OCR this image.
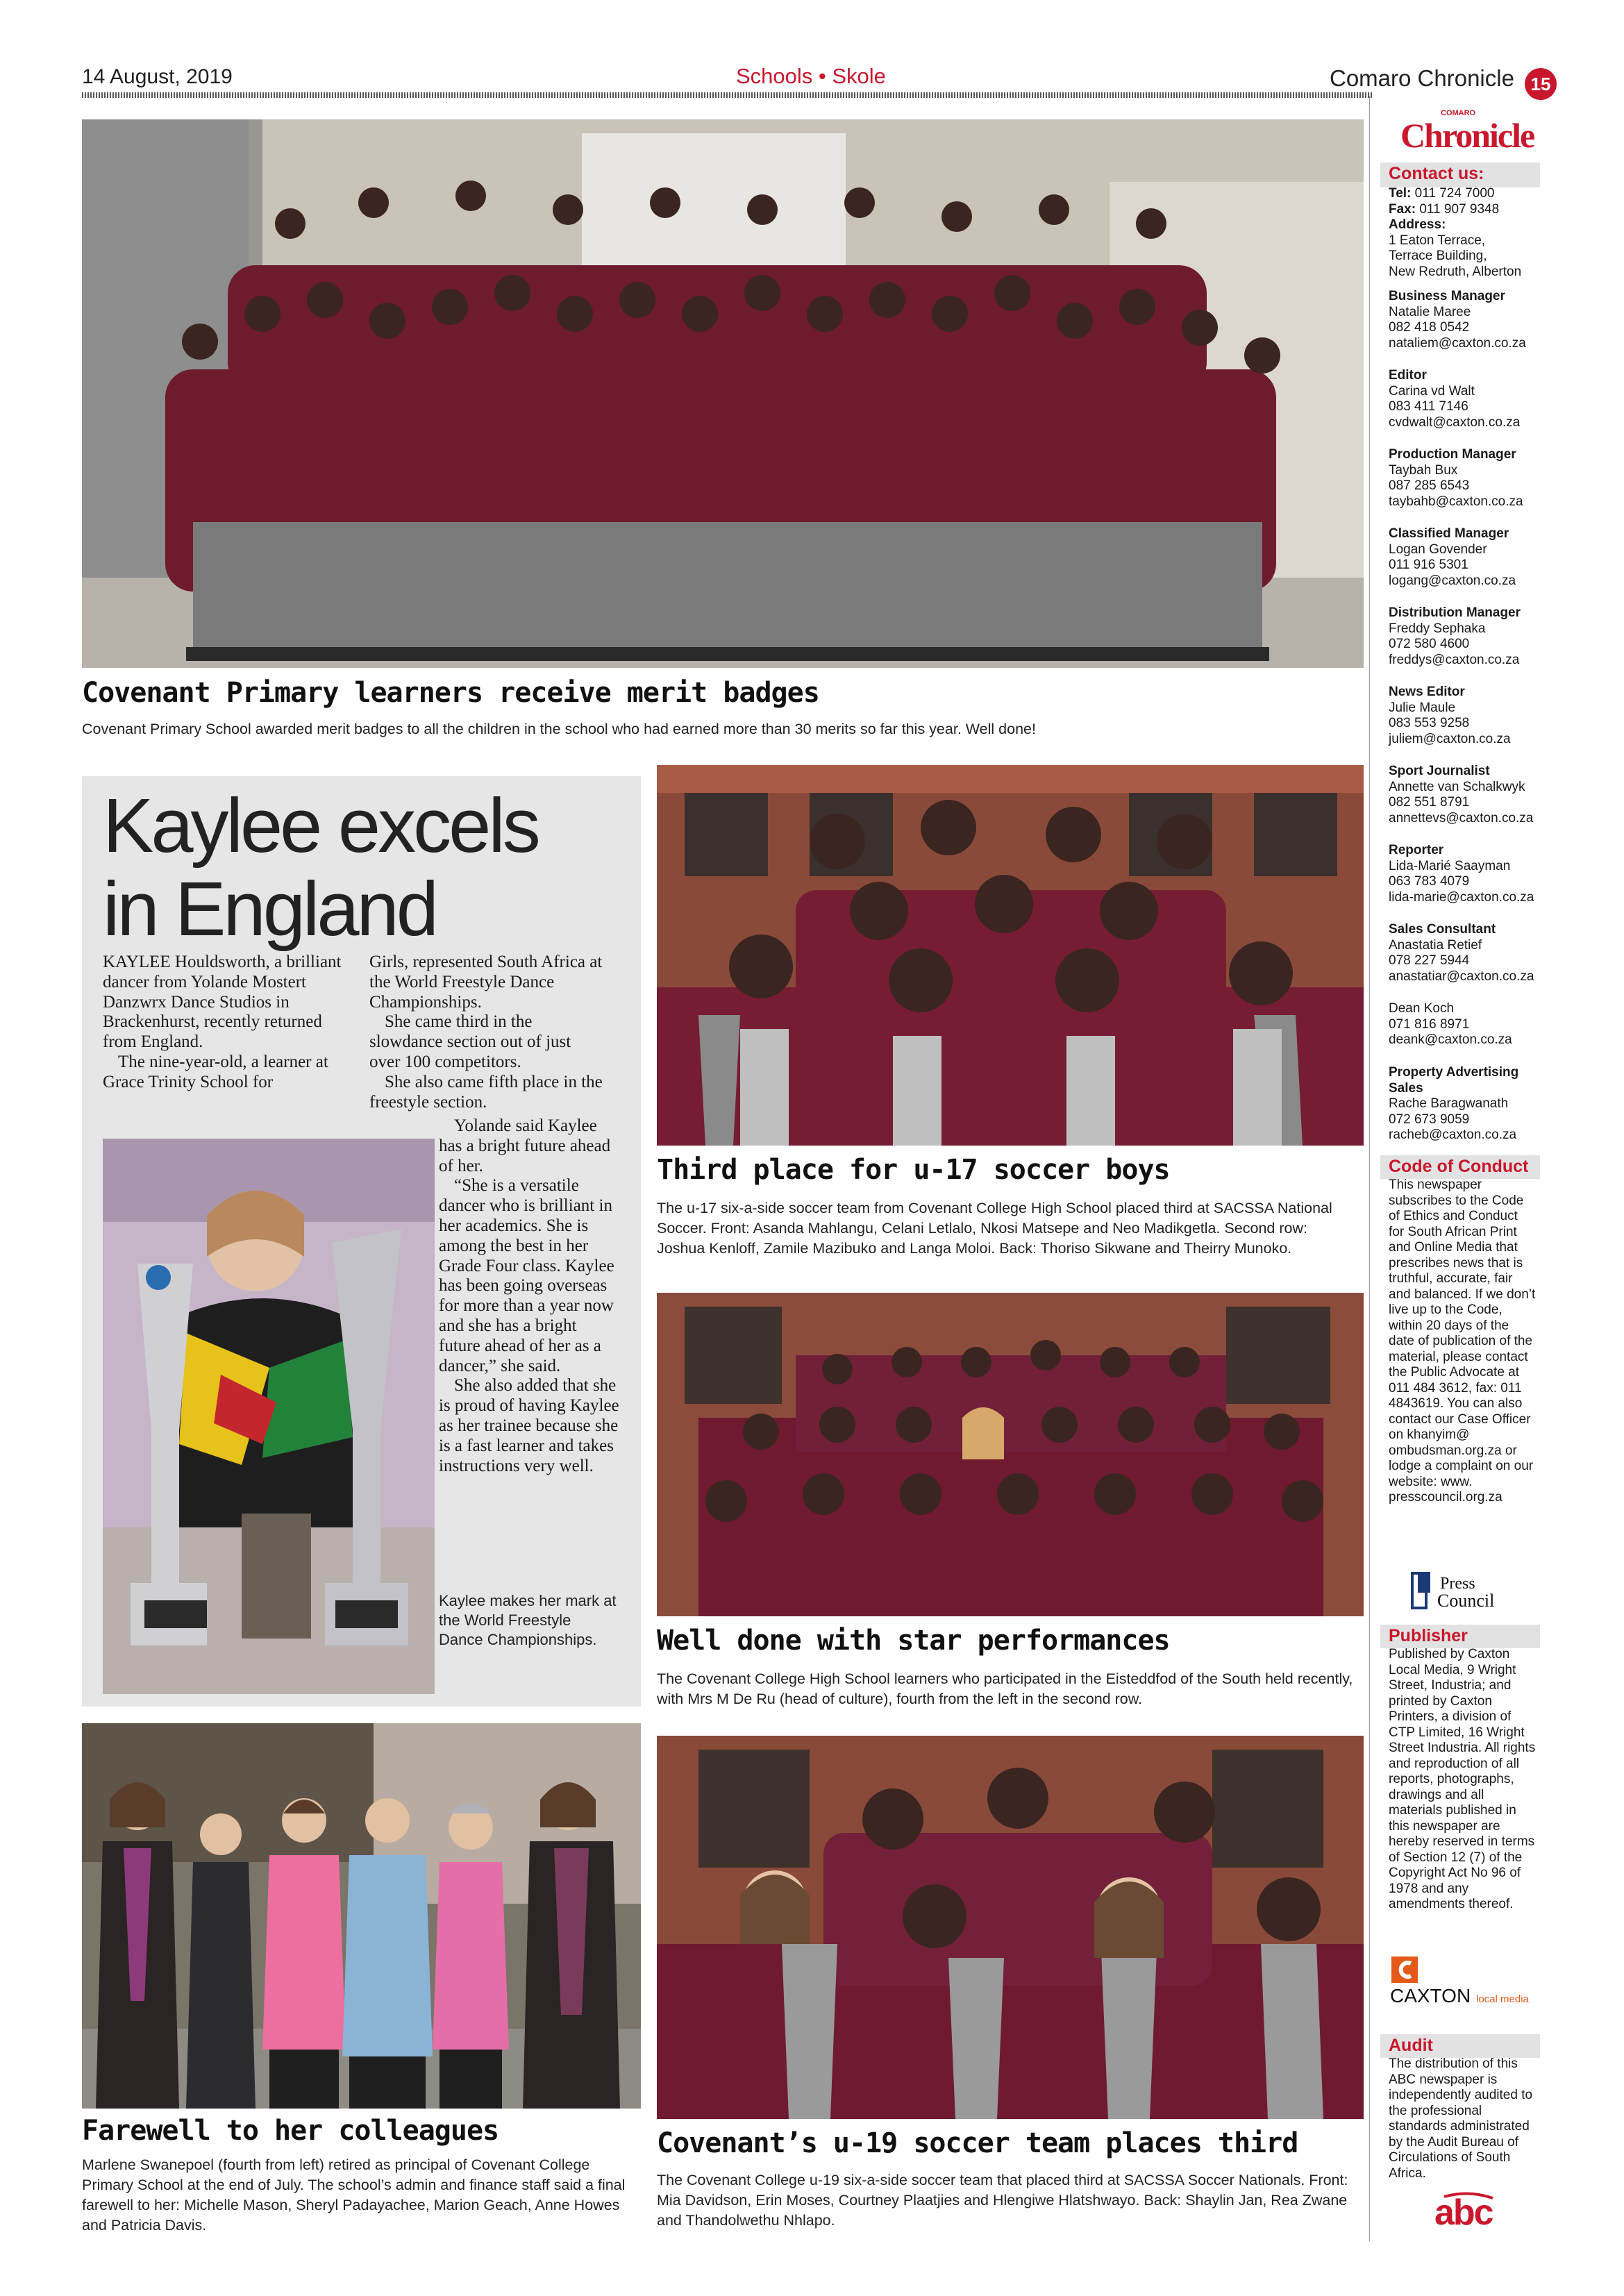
14 August, 2019	Schools • Skole	Comaro Chronicle 15
Covenant Primary learners receive merit badges
Covenant Primary School awarded merit badges to all the children in the school who had earned more than 30 merits so far this year. Well done!
Kaylee excels
in England

KAYLEE Houldsworth, a brilliant dancer from Yolande Mostert Danzwrx Dance Studios in Brackenhurst, recently returned from England.

The nine-year-old, a learner at Grace Trinity School for

Girls, represented South Africa at the World Freestyle Dance Championships.

She came third in the slowdance section out of just over 100 competitors.

She also came fifth place in the freestyle section.

Yolande said Kaylee has a bright future ahead of her.

“She is a versatile dancer who is brilliant in her academics. She is among the best in her Grade Four class. Kaylee has been going overseas for more than a year now and she has a bright future ahead of her as a dancer,” she said.

She also added that she is proud of having Kaylee as her trainee because she is a fast learner and takes instructions very well.

Kaylee makes her mark at the World Freestyle Dance Championships.
Third place for u-17 soccer boys
The u-17 six-a-side soccer team from Covenant College High School placed third at SACSSA National Soccer. Front: Asanda Mahlangu, Celani Letlalo, Nkosi Matsepe and Neo Madikgetla. Second row: Joshua Kenloff, Zamile Mazibuko and Langa Moloi. Back: Thoriso Sikwane and Theirry Munoko.
Well done with star performances
The Covenant College High School learners who participated in the Eisteddfod of the South held recently, with Mrs M De Ru (head of culture), fourth from the left in the second row.
Farewell to her colleagues
Marlene Swanepoel (fourth from left) retired as principal of Covenant College Primary School at the end of July. The school’s admin and finance staff said a final farewell to her: Michelle Mason, Sheryl Padayachee, Marion Geach, Anne Howes and Patricia Davis.
Covenant’s u-19 soccer team places third
The Covenant College u-19 six-a-side soccer team that placed third at SACSSA Soccer Nationals. Front: Mia Davidson, Erin Moses, Courtney Plaatjies and Hlengiwe Hlatshwayo. Back: Shaylin Jan, Rea Zwane and Thandolwethu Nhlapo.
COMARO
Chronicle
Contact us:
Tel: 011 724 7000
Fax: 011 907 9348
Address:
1 Eaton Terrace,
Terrace Building,
New Redruth, Alberton
Business Manager
Natalie Maree
082 418 0542
nataliem@caxton.co.za
Editor
Carina vd Walt
083 411 7146
cvdwalt@caxton.co.za
Production Manager
Taybah Bux
087 285 6543
taybahb@caxton.co.za
Classified Manager
Logan Govender
011 916 5301
logang@caxton.co.za
Distribution Manager
Freddy Sephaka
072 580 4600
freddys@caxton.co.za
News Editor
Julie Maule
083 553 9258
juliem@caxton.co.za
Sport Journalist
Annette van Schalkwyk
082 551 8791
annettevs@caxton.co.za
Reporter
Lida-Marié Saayman
063 783 4079
lida-marie@caxton.co.za
Sales Consultant
Anastatia Retief
078 227 5944
anastatiar@caxton.co.za
Dean Koch
071 816 8971
deank@caxton.co.za
Property Advertising Sales
Rache Baragwanath
072 673 9059
racheb@caxton.co.za
Code of Conduct
This newspaper subscribes to the Code of Ethics and Conduct for South African Print and Online Media that prescribes news that is truthful, accurate, fair and balanced. If we don’t live up to the Code, within 20 days of the date of publication of the material, please contact the Public Advocate at 011 484 3612, fax: 011 4843619. You can also contact our Case Officer on khanyim@ ombudsman.org.za or lodge a complaint on our website: www. presscouncil.org.za
Press
Council
Publisher
Published by Caxton Local Media, 9 Wright Street, Industria; and printed by Caxton Printers, a division of CTP Limited, 16 Wright Street Industria. All rights and reproduction of all reports, photographs, drawings and all materials published in this newspaper are hereby reserved in terms of Section 12 (7) of the Copyright Act No 96 of 1978 and any amendments thereof.
CAXTON local media
Audit
The distribution of this ABC newspaper is independently audited to the professional standards administrated by the Audit Bureau of Circulations of South Africa.
abc
